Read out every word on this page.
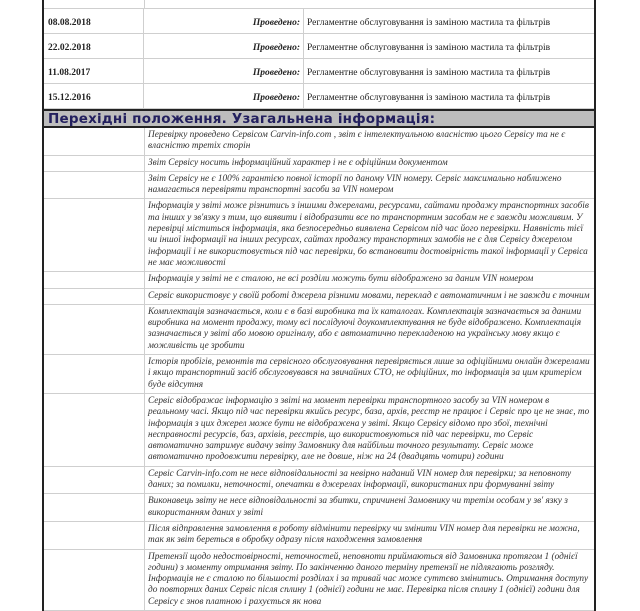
08.08.2018	Проведено: Регламентне обслуговування із заміною мастила та фільтрів
22.02.2018	Проведено: Регламентне обслуговування із заміною мастила та фільтрів
11.08.2017	Проведено: Регламентне обслуговування із заміною мастила та фільтрів
15.12.2016	Проведено: Регламентне обслуговування із заміною мастила та фільтрів
Перехідні положення. Узагальнена інформація:
Перевірку проведено Сервісом Carvin-info.com , звіт є інтелектуальною власністю цього Сервісу та не є власністю третіх сторін
Звіт Сервісу носить інформаційний характер і не є офіційним документом
Звіт Сервісу не є 100% гарантією повної історії по даному VIN номеру. Сервіс максимально наближено намагається перевіряти транспортні засоби за VIN номером
Інформація у звіті може різнитись з іншими джерелами, ресурсами, сайтами продажу транспортних засобів та інших у зв'язку з тим, що виявити і відобразити все по транспортним засобам не є завжди можливим. У перевірці міститься інформація, яка безпосередньо виявлена Сервісом під час його перевірки. Наявність тієї чи іншої інформації на інших ресурсах, сайтах продажу транспортних замобів не є для Сервісу джерелом інформації і не використовується під час перевірки, бо встановити достовірність такої інформації у Сервіса не має можливості
Інформація у звіті не є сталою, не всі розділи можуть бути відображено за даним VIN номером
Сервіс використовує у своїй роботі джерела різними мовами, переклад є автоматичним і не завжди є точним
Комплектація зазначається, коли є в базі виробника та їх каталогах. Комплектація зазначається за даними виробника на момент продажу, тому всі послідуючі доукомплектування не буде відображено. Комплектація зазначається у звіті або мовою оригіналу, або є автоматично перекладеною на українську мову якщо є можливість це зробити
Історія пробігів, ремонтів та сервісного обслуговування перевіряється лише за офіційними онлайн джерелами і якщо транспортний засіб обслуговувався на звичайних СТО, не офіційних, то інформація за цим критерієм буде відсутня
Сервіс відображає інформацію з звіті на момент перевірки транспортного засобу за VIN номером в реальному часі. Якщо під час перевірки якийсь ресурс, база, архів, реєстр не працює і Сервіс про це не знає, то інформація з цих джерел може бути не відображена у звіті. Якщо Сервісу відомо про збої, технічні несправності ресурсів, баз, архівів, реєстрів, що використовуються під час перевірки, то Сервіс автоматично затримує видачу звіту Замовнику для найбільш точного результату. Сервіс може автоматично продовжити перевірку, але не довше, ніж на 24 (двадцять чотири) години
Сервіс Carvin-info.com не несе відповідальності за невірно наданий VIN номер для перевірки; за неповноту даних; за помилки, неточності, опечатки в джерелах інформації, використаних при формуванні звіту
Виконавець звіту не несе відповідальності за збитки, спричинені Замовнику чи третім особам у зв' язку з використанням даних у звіті
Після відправлення замовлення в роботу відмінити перевірку чи змінити VIN номер для перевірки не можна, так як звіт береться в обробку одразу після находження замовлення
Претензії щодо недостовірності, неточностей, неповноти приймаються від Замовника протягом 1 (однієї години) з моменту отримання звіту. По закінченню даного терміну претензії не підлягають розгляду. Інформація не є сталою по більшості розділах і за тривай час може суттєво змінитись. Отримання доступу до повторних даних Сервіс після сплину 1 (однієї) години не має. Перевірка після сплину 1 (однієї) години для Сервісу є знов платною і рахується як нова
